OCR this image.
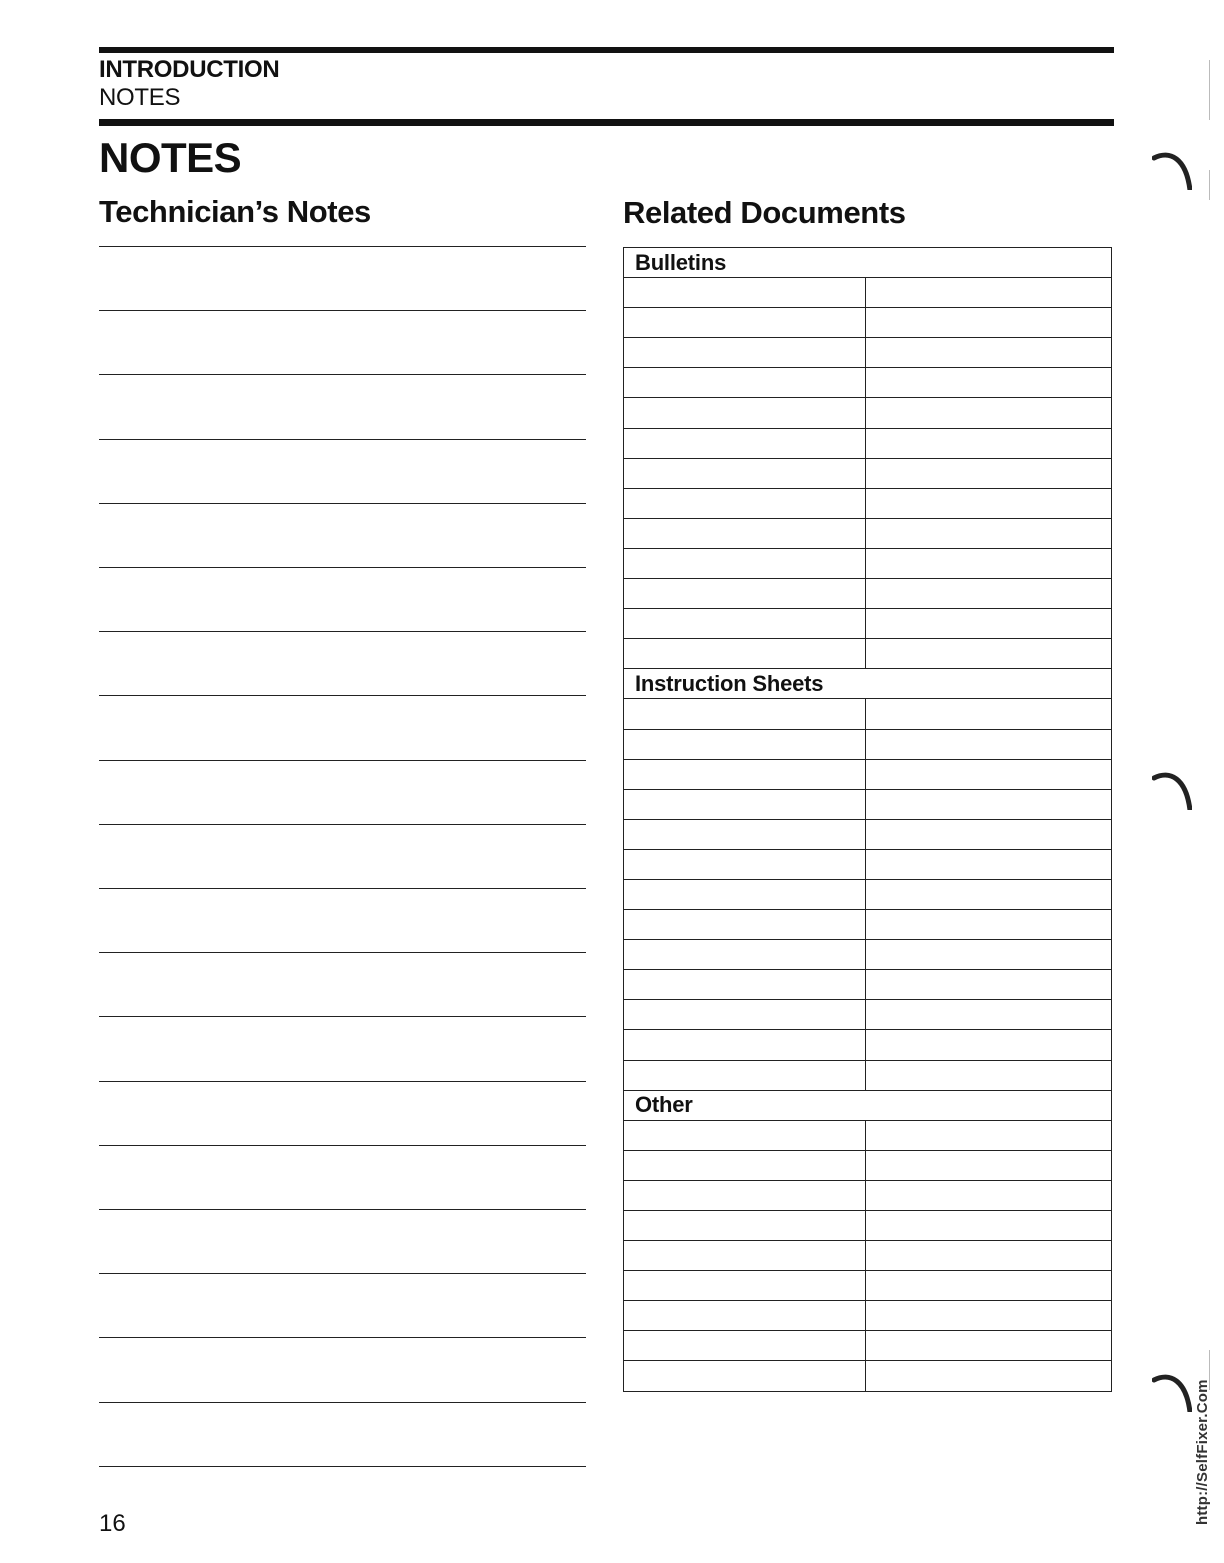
INTRODUCTION
NOTES
NOTES
Technician’s Notes	Related Documents
Bulletins	

Instruction Sheets	

Other	

16	http://SelfFixer.Com
